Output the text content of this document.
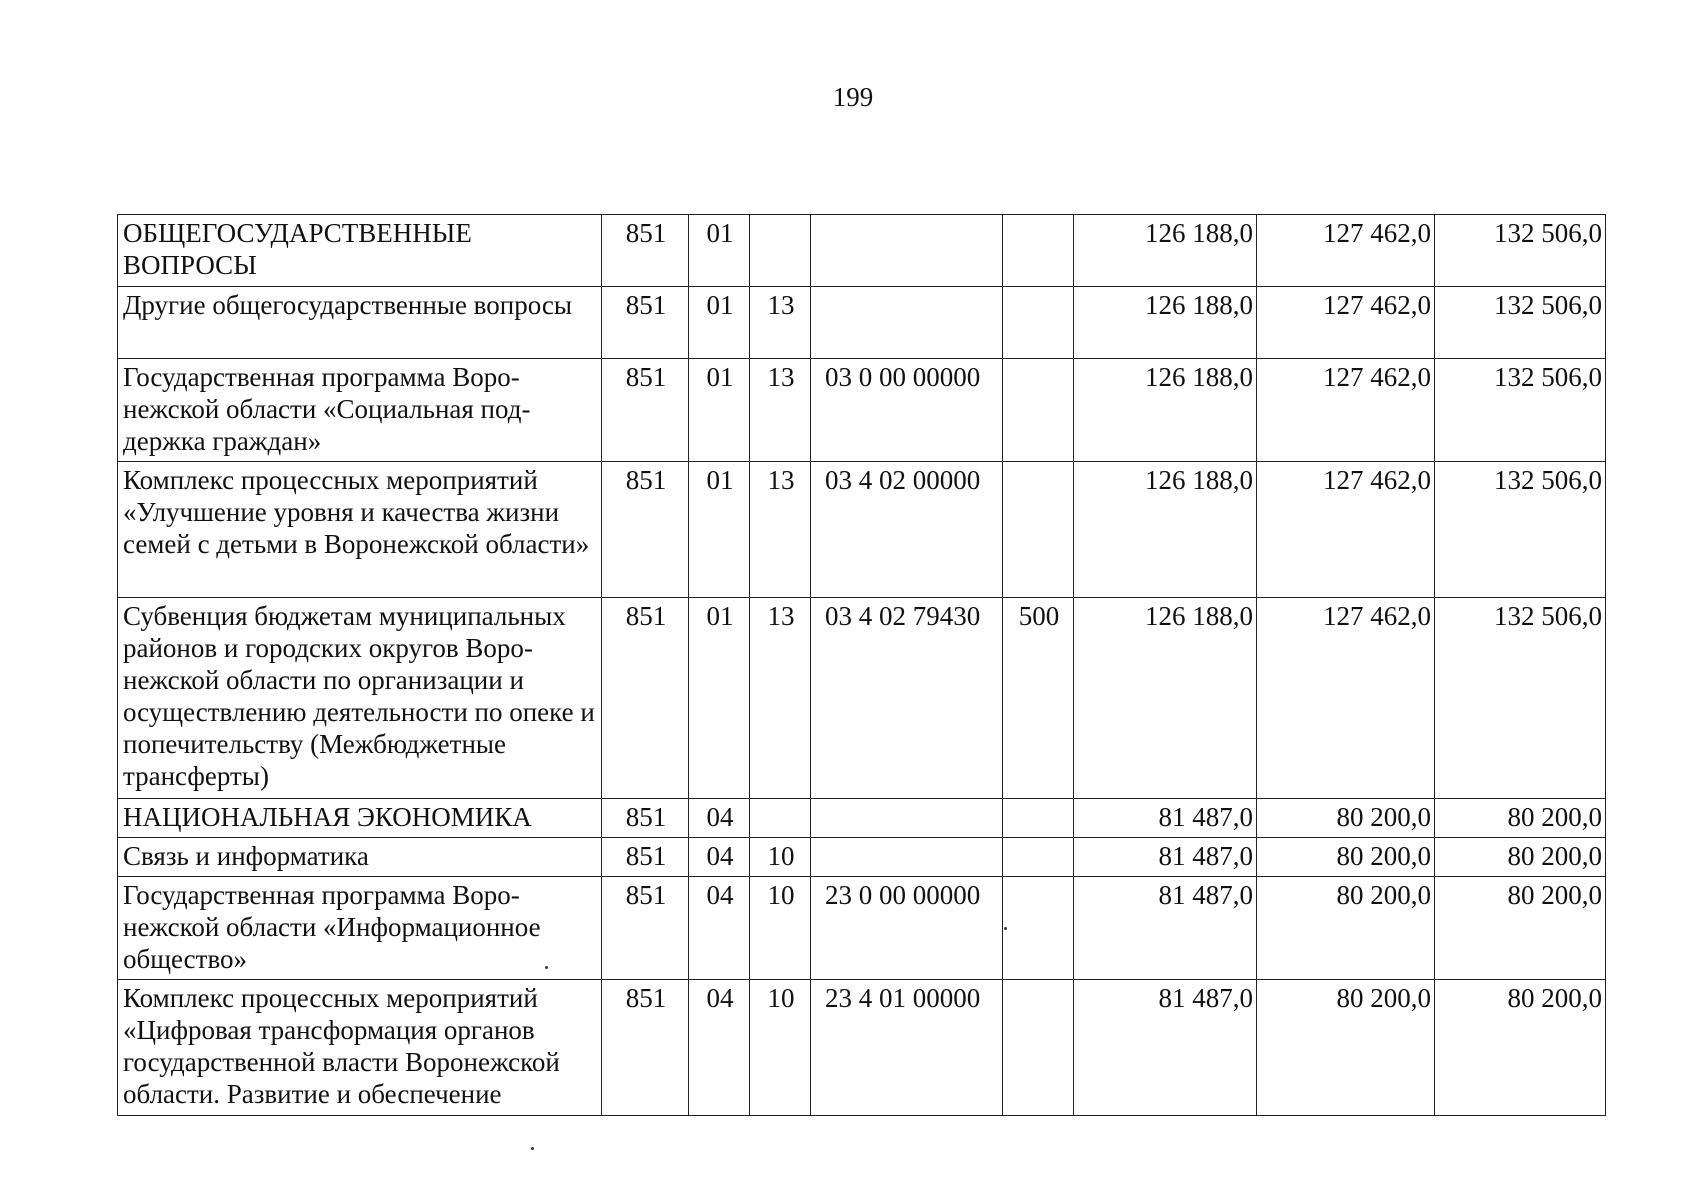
199
ОБЩЕГОСУДАРСТВЕННЫЕ ВОПРОСЫ	851	01				126 188,0	127 462,0	132 506,0
Другие общегосударственные вопросы	851	01	13			126 188,0	127 462,0	132 506,0
Государственная программа Воронежской области «Социальная поддержка граждан»	851	01	13	03 0 00 00000		126 188,0	127 462,0	132 506,0
Комплекс процессных мероприятий «Улучшение уровня и качества жизни семей с детьми в Воронежской области»	851	01	13	03 4 02 00000		126 188,0	127 462,0	132 506,0
Субвенция бюджетам муниципальных районов и городских округов Воронежской области по организации и осуществлению деятельности по опеке и попечительству (Межбюджетные трансферты)	851	01	13	03 4 02 79430	500	126 188,0	127 462,0	132 506,0
НАЦИОНАЛЬНАЯ ЭКОНОМИКА	851	04				81 487,0	80 200,0	80 200,0
Связь и информатика	851	04	10			81 487,0	80 200,0	80 200,0
Государственная программа Воронежской области «Информационное общество»	851	04	10	23 0 00 00000		81 487,0	80 200,0	80 200,0
Комплекс процессных мероприятий «Цифровая трансформация органов государственной власти Воронежской области. Развитие и обеспечение	851	04	10	23 4 01 00000		81 487,0	80 200,0	80 200,0
